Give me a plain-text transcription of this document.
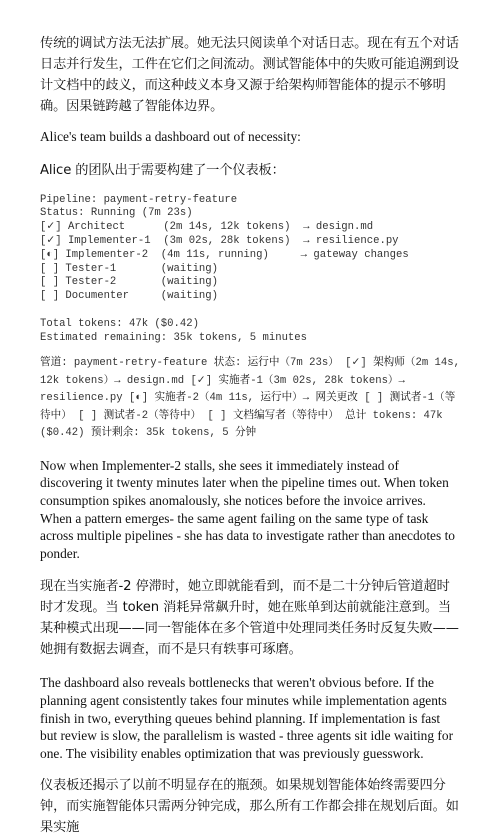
传统的调试方法无法扩展。她无法只阅读单个对话日志。现在有五个对话日志并行发生，工件在它们之间流动。测试智能体中的失败可能追溯到设计文档中的歧义，而这种歧义本身又源于给架构师智能体的提示不够明确。因果链跨越了智能体边界。

Alice's team builds a dashboard out of necessity:

Alice 的团队出于需要构建了一个仪表板：

Pipeline: payment-retry-feature
Status: Running (7m 23s)
[✓] Architect      (2m 14s, 12k tokens)  → design.md
[✓] Implementer-1  (3m 02s, 28k tokens)  → resilience.py
[◐] Implementer-2  (4m 11s, running)     → gateway changes
[ ] Tester-1       (waiting)
[ ] Tester-2       (waiting)
[ ] Documenter     (waiting)

Total tokens: 47k ($0.42)
Estimated remaining: 35k tokens, 5 minutes

管道: payment-retry-feature 状态: 运行中（7m 23s） [✓] 架构师（2m 14s, 12k tokens）→ design.md [✓] 实施者-1（3m 02s, 28k tokens）→ resilience.py [◐] 实施者-2（4m 11s, 运行中）→ 网关更改 [ ] 测试者-1（等待中） [ ] 测试者-2（等待中） [ ] 文档编写者（等待中） 总计 tokens: 47k ($0.42) 预计剩余: 35k tokens, 5 分钟

Now when Implementer-2 stalls, she sees it immediately instead of discovering it twenty minutes later when the pipeline times out. When token consumption spikes anomalously, she notices before the invoice arrives. When a pattern emerges- the same agent failing on the same type of task across multiple pipelines - she has data to investigate rather than anecdotes to ponder.

现在当实施者-2 停滞时，她立即就能看到，而不是二十分钟后管道超时时才发现。当 token 消耗异常飙升时，她在账单到达前就能注意到。当某种模式出现——同一智能体在多个管道中处理同类任务时反复失败——她拥有数据去调查，而不是只有轶事可琢磨。

The dashboard also reveals bottlenecks that weren't obvious before. If the planning agent consistently takes four minutes while implementation agents finish in two, everything queues behind planning. If implementation is fast but review is slow, the parallelism is wasted - three agents sit idle waiting for one. The visibility enables optimization that was previously guesswork.

仪表板还揭示了以前不明显存在的瓶颈。如果规划智能体始终需要四分钟，而实施智能体只需两分钟完成，那么所有工作都会排在规划后面。如果实施
